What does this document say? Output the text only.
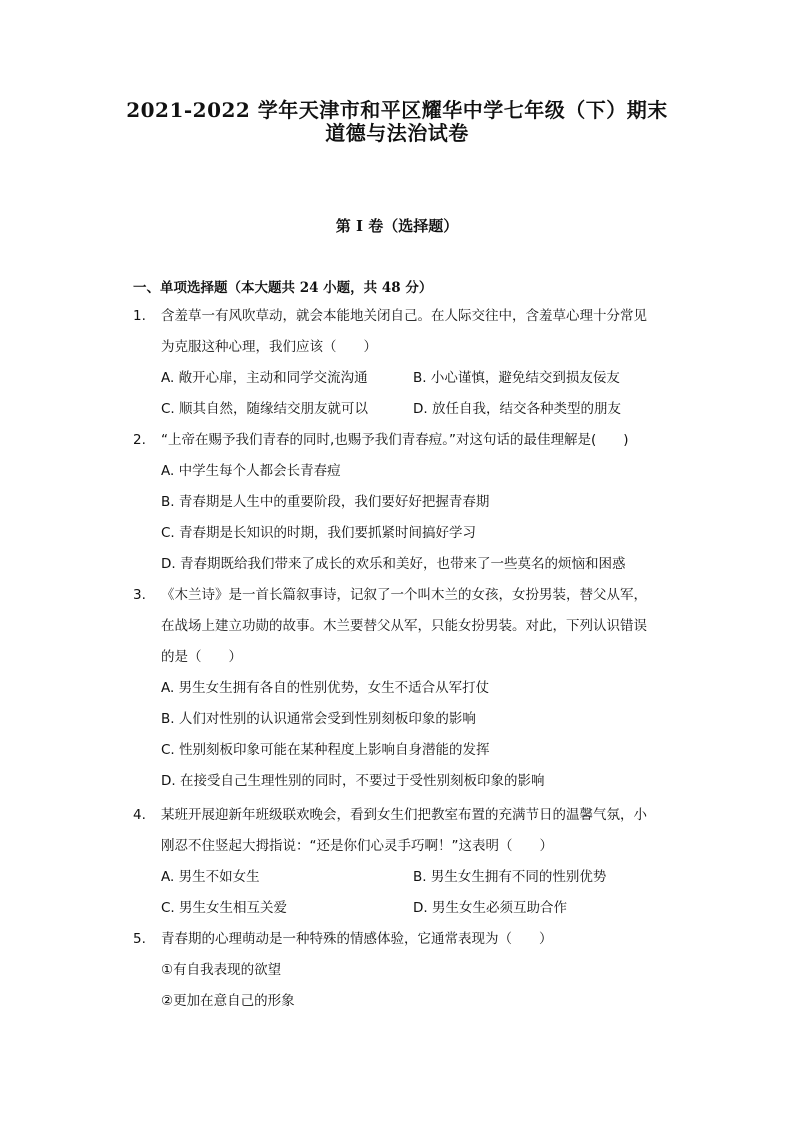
2021-2022 学年天津市和平区耀华中学七年级（下）期末
道德与法治试卷
第 I 卷（选择题）
一、单项选择题（本大题共 24 小题，共 48 分）
1. 含羞草一有风吹草动，就会本能地关闭自己。在人际交往中，含羞草心理十分常见
为克服这种心理，我们应该（　　）
A. 敞开心扉，主动和同学交流沟通	B. 小心谨慎，避免结交到损友佞友
C. 顺其自然，随缘结交朋友就可以	D. 放任自我，结交各种类型的朋友
2. “上帝在赐予我们青春的同时,也赐予我们青春痘。”对这句话的最佳理解是(　　)
A. 中学生每个人都会长青春痘
B. 青春期是人生中的重要阶段，我们要好好把握青春期
C. 青春期是长知识的时期，我们要抓紧时间搞好学习
D. 青春期既给我们带来了成长的欢乐和美好，也带来了一些莫名的烦恼和困惑
3. 《木兰诗》是一首长篇叙事诗，记叙了一个叫木兰的女孩，女扮男装，替父从军，
在战场上建立功勋的故事。木兰要替父从军，只能女扮男装。对此，下列认识错误
的是（　　）
A. 男生女生拥有各自的性别优势，女生不适合从军打仗
B. 人们对性别的认识通常会受到性别刻板印象的影响
C. 性别刻板印象可能在某种程度上影响自身潜能的发挥
D. 在接受自己生理性别的同时，不要过于受性别刻板印象的影响
4. 某班开展迎新年班级联欢晚会，看到女生们把教室布置的充满节日的温馨气氛，小
刚忍不住竖起大拇指说：“还是你们心灵手巧啊！”这表明（　　）
A. 男生不如女生	B. 男生女生拥有不同的性别优势
C. 男生女生相互关爱	D. 男生女生必须互助合作
5. 青春期的心理萌动是一种特殊的情感体验，它通常表现为（　　）
①有自我表现的欲望
②更加在意自己的形象
